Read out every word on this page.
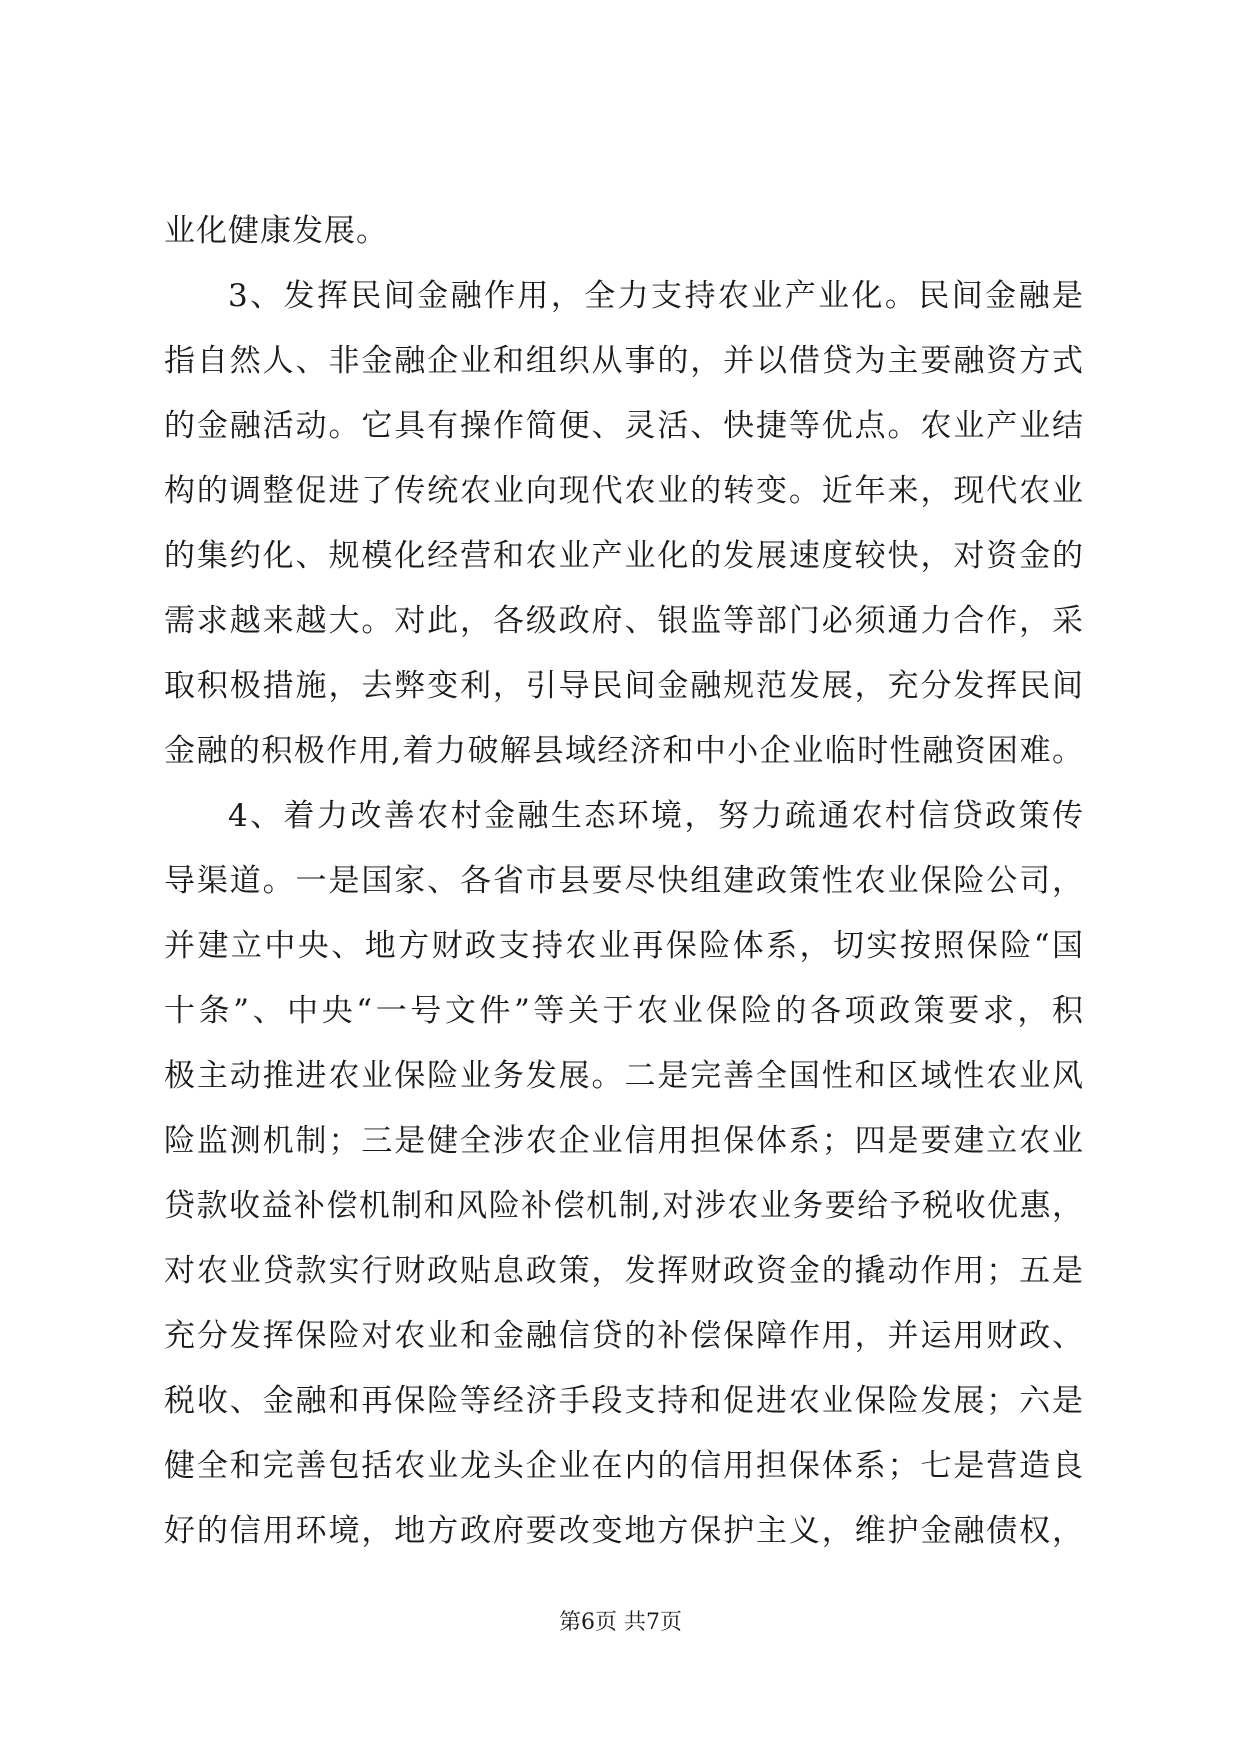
业化健康发展。
3、发挥民间金融作用，全力支持农业产业化。民间金融是
指自然人、非金融企业和组织从事的，并以借贷为主要融资方式
的金融活动。它具有操作简便、灵活、快捷等优点。农业产业结
构的调整促进了传统农业向现代农业的转变。近年来，现代农业
的集约化、规模化经营和农业产业化的发展速度较快，对资金的
需求越来越大。对此，各级政府、银监等部门必须通力合作，采
取积极措施，去弊变利，引导民间金融规范发展，充分发挥民间
金融的积极作用,着力破解县域经济和中小企业临时性融资困难。
4、着力改善农村金融生态环境，努力疏通农村信贷政策传
导渠道。一是国家、各省市县要尽快组建政策性农业保险公司，
并建立中央、地方财政支持农业再保险体系，切实按照保险“国
十条”、中央“一号文件”等关于农业保险的各项政策要求，积
极主动推进农业保险业务发展。二是完善全国性和区域性农业风
险监测机制；三是健全涉农企业信用担保体系；四是要建立农业
贷款收益补偿机制和风险补偿机制,对涉农业务要给予税收优惠，
对农业贷款实行财政贴息政策，发挥财政资金的撬动作用；五是
充分发挥保险对农业和金融信贷的补偿保障作用，并运用财政、
税收、金融和再保险等经济手段支持和促进农业保险发展；六是
健全和完善包括农业龙头企业在内的信用担保体系；七是营造良
好的信用环境，地方政府要改变地方保护主义，维护金融债权，
第6页 共7页
